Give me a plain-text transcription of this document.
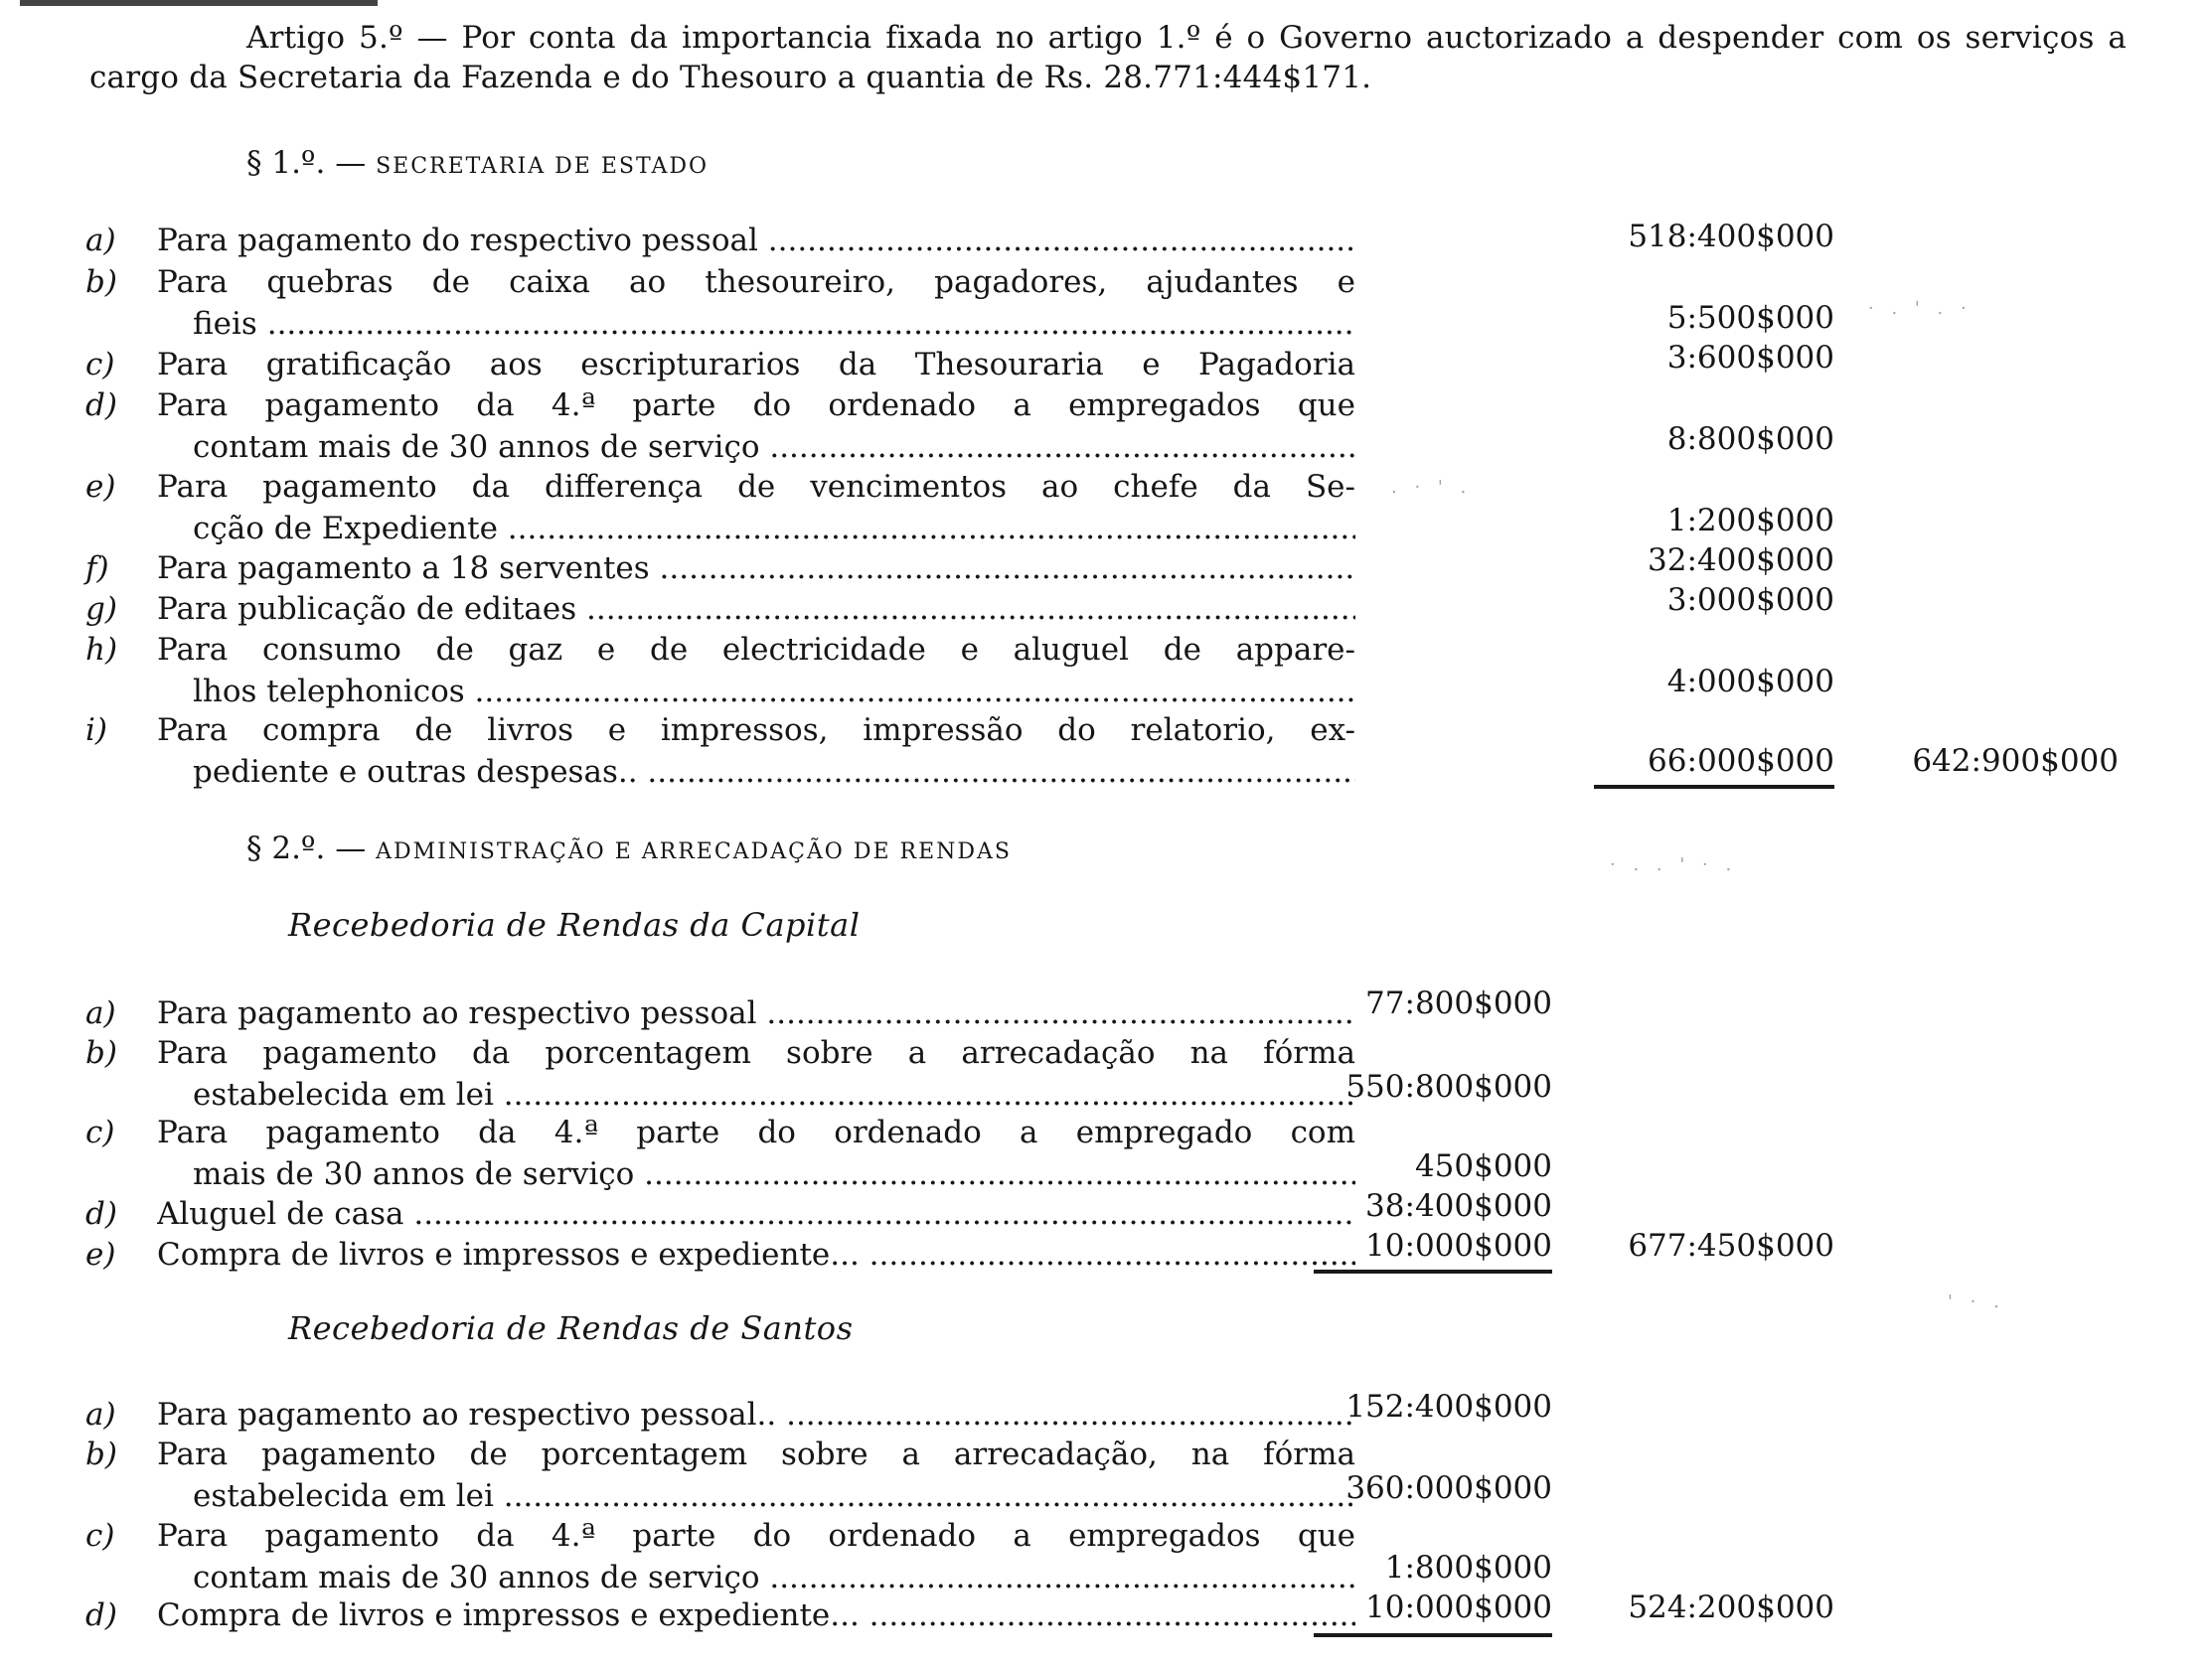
Artigo 5.º — Por conta da importancia fixada no artigo 1.º é o Governo auctorizado a despender com os serviços a cargo da Secretaria da Fazenda e do Thesouro a quantia de Rs. 28.771:444$171.
§ 1.º. — SECRETARIA DE ESTADO
a) Para pagamento do respectivo pessoal .....	518:400$000
b) Para quebras de caixa ao thesoureiro, pagadores, ajudantes e
fieis .....	5:500$000
c) Para gratificação aos escripturarios da Thesouraria e Pagadoria	3:600$000
d) Para pagamento da 4.ª parte do ordenado a empregados que
contam mais de 30 annos de serviço .....	8:800$000
e) Para pagamento da differença de vencimentos ao chefe da Se-
cção de Expediente .....	1:200$000
f) Para pagamento a 18 serventes .....	32:400$000
g) Para publicação de editaes .....	3:000$000
h) Para consumo de gaz e de electricidade e aluguel de appare-
lhos telephonicos .....	4:000$000
i) Para compra de livros e impressos, impressão do relatorio, ex-
pediente e outras despesas.. .....	66:000$000	642:900$000
§ 2.º. — ADMINISTRAÇÃO E ARRECADAÇÃO DE RENDAS
Recebedoria de Rendas da Capital
a) Para pagamento ao respectivo pessoal .....	77:800$000
b) Para pagamento da porcentagem sobre a arrecadação na fórma
estabelecida em lei .....	550:800$000
c) Para pagamento da 4.ª parte do ordenado a empregado com
mais de 30 annos de serviço .....	450$000
d) Aluguel de casa .....	38:400$000
e) Compra de livros e impressos e expediente... .....	10:000$000 677:450$000
Recebedoria de Rendas de Santos
a) Para pagamento ao respectivo pessoal.. .....	152:400$000
b) Para pagamento de porcentagem sobre a arrecadação, na fórma
estabelecida em lei .....	360:000$000
c) Para pagamento da 4.ª parte do ordenado a empregados que
contam mais de 30 annos de serviço .....	1:800$000
d) Compra de livros e impressos e expediente... .....	10:000$000 524:200$000
· . ' . ·
. · ' .
· . . ' · .
' · .
